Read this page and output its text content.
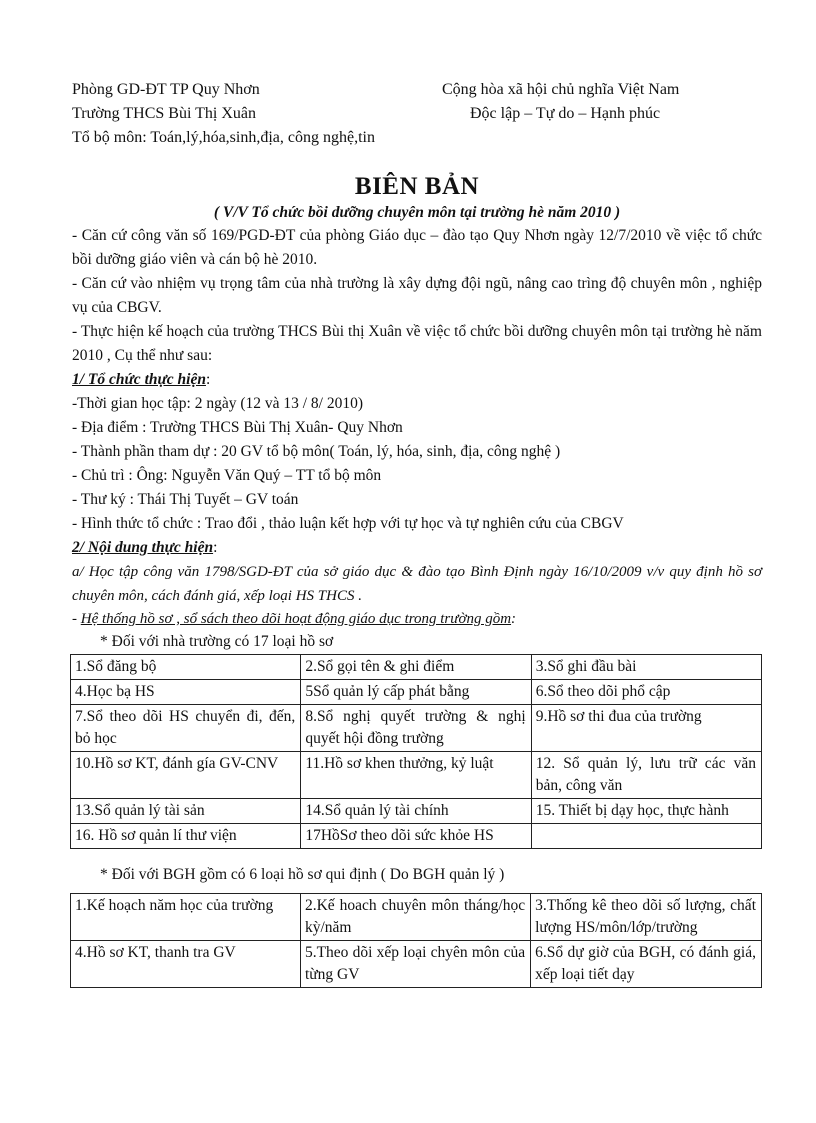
Phòng GD-ĐT TP Quy Nhơn	Cộng hòa xã hội chủ nghĩa Việt Nam
Trường THCS Bùi Thị Xuân	Độc lập – Tự do – Hạnh phúc
Tổ bộ môn: Toán,lý,hóa,sinh,địa, công nghệ,tin
BIÊN BẢN
( V/V Tổ chức bồi dưỡng chuyên môn tại trường hè năm 2010 )

- Căn cứ công văn số 169/PGD-ĐT của phòng Giáo dục – đào tạo Quy Nhơn ngày 12/7/2010 về việc tổ chức bồi dưỡng giáo viên và cán bộ hè 2010.

- Căn cứ vào nhiệm vụ trọng tâm của nhà trường là xây dựng đội ngũ, nâng cao trìng độ chuyên môn , nghiệp vụ của CBGV.

- Thực hiện kế hoạch của trường THCS Bùi thị Xuân về việc tổ chức bồi dưỡng chuyên môn tại trường hè năm 2010 , Cụ thể như sau:

1/ Tổ chức thực hiện:
-Thời gian học tập: 2 ngày (12 và 13 / 8/ 2010)
- Địa điểm : Trường THCS Bùi Thị Xuân- Quy Nhơn
- Thành phần tham dự : 20 GV tổ bộ môn( Toán, lý, hóa, sinh, địa, công nghệ )
- Chủ trì : Ông: Nguyễn Văn Quý – TT tổ bộ môn
- Thư ký : Thái Thị Tuyết – GV toán
- Hình thức tổ chức : Trao đổi , thảo luận kết hợp với tự học và tự nghiên cứu của CBGV
2/ Nội dung thực hiện:

a/ Học tập công văn 1798/SGD-ĐT của sở giáo dục & đào tạo Bình Định ngày 16/10/2009 v/v quy định hồ sơ chuyên môn, cách đánh giá, xếp loại HS THCS .

- Hệ thống hồ sơ , sổ sách theo dõi hoạt động giáo dục trong trường gồm:
* Đối với nhà trường có 17 loại hồ sơ
1.Sổ đăng bộ	2.Sổ gọi tên & ghi điểm	3.Sổ ghi đầu bài
4.Học bạ HS	5Sổ quản lý cấp phát bằng	6.Sổ theo dõi phổ cập
7.Sổ theo dõi HS chuyển đi, đến, bỏ học	8.Sổ nghị quyết trường & nghị quyết hội đồng trường	9.Hồ sơ thi đua của trường
10.Hồ sơ KT, đánh gía GV-CNV	11.Hồ sơ khen thưởng, kỷ luật	12. Sổ quản lý, lưu trữ các văn bản, công văn
13.Sổ quản lý tài sản	14.Sổ quản lý tài chính	15. Thiết bị dạy học, thực hành
16. Hồ sơ quản lí thư viện	17HồSơ theo dõi sức khỏe HS	
* Đối với BGH gồm có 6 loại hồ sơ qui định ( Do BGH quản lý )
1.Kế hoạch năm học của trường	2.Kế hoach chuyên môn tháng/học kỳ/năm	3.Thống kê theo dõi số lượng, chất lượng HS/môn/lớp/trường
4.Hồ sơ KT, thanh tra GV	5.Theo dõi xếp loại chyên môn của từng GV	6.Sổ dự giờ của BGH, có đánh giá, xếp loại tiết dạy
